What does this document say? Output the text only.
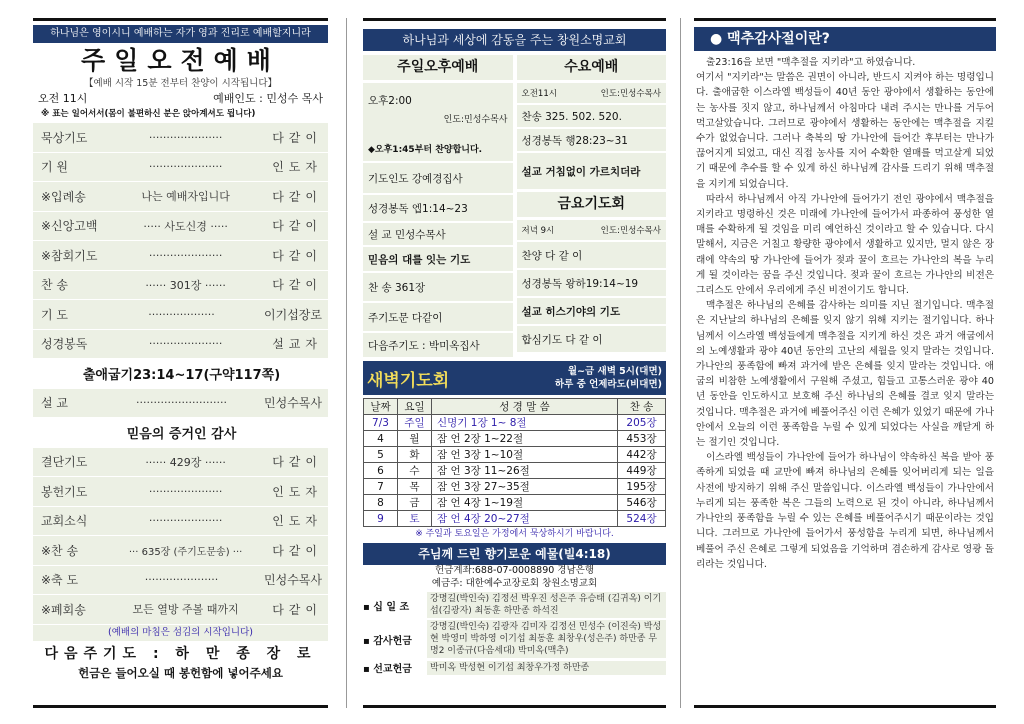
하나님은 영이시니 예배하는 자가 영과 진리로 예배할지니라
주일오전예배
【예배 시작 15분 전부터 찬양이 시작됩니다】
오전 11시	예배인도 : 민성수 목사
※ 표는 일어서서(몸이 불편하신 분은 앉아계셔도 됩니다)
묵상기도	·····················	다같이
기 원	·····················	인도자
※입례송	나는 예배자입니다	다같이
※신앙고백	····· 사도신경 ·····	다같이
※참회기도	·····················	다같이
찬 송	······ 301장 ······	다같이
기 도	···················	이기섭장로
성경봉독	·····················	설교자
출애굽기23:14~17(구약117쪽)
설 교	··························	민성수목사
믿음의 증거인 감사
결단기도	······ 429장 ······	다같이
봉헌기도	·····················	인도자
교회소식	·····················	인도자
※찬 송	··· 635장 (주기도문송) ···	다같이
※축 도	·····················	민성수목사
※폐회송	모든 열방 주볼 때까지	다같이
(예배의 마침은 섬김의 시작입니다)
다음주기도 : 하 만 종 장 로
헌금은 들어오실 때 봉헌함에 넣어주세요
하나님과 세상에 감동을 주는 창원소명교회
주일오후예배
오후2:00
인도:민성수목사
◆오후1:45부터 찬양합니다.
기도인도 강예경집사
성경봉독 엡1:14~23
설 교 민성수목사
믿음의 대를 잇는 기도
찬 송 361장
주기도문 다같이
다음주기도 : 박미옥집사
수요예배
오전11시	인도:민성수목사
찬송 325. 502. 520.
성경봉독 행28:23~31
설교 거침없이 가르치더라
금요기도회
저녁 9시	인도:민성수목사
찬양 다 같 이
성경봉독 왕하19:14~19
설교 히스기야의 기도
합심기도 다 같 이
새벽기도회	월~금 새벽 5시(대면)
하루 중 언제라도(비대면)
날짜	요일	성 경 말 씀	찬 송
7/3	주일	신명기 1장 1~ 8절	205장
4	월	잠 언 2장 1~22절	453장
5	화	잠 언 3장 1~10절	442장
6	수	잠 언 3장 11~26절	449장
7	목	잠 언 3장 27~35절	195장
8	금	잠 언 4장 1~19절	546장
9	토	잠 언 4장 20~27절	524장
※ 주일과 토요일은 가정에서 묵상하시기 바랍니다.
주님께 드린 향기로운 예물(빌4:18)
헌금계좌:688-07-0008890 경남은행
예금주: 대한예수교장로회 창원소명교회
▪ 십 일 조
강명길(박인숙) 김정선 박우진 성은주 유승태 (김귀옥) 이기섭(김광자) 최동훈 하만종 하석진
▪ 감사헌금
강명길(박인숙) 김광자 김미자 김정선 민성수 (이진숙) 박성현 박영미 박하영 이기섭 최동훈 최창우(성은주) 하만종 무명2 이종규(다음세대) 박미옥(맥추)
▪ 선교헌금	박미옥 박성현 이기섭 최창우가정 하만종
● 맥추감사절이란?

출23:16을 보면 "맥추절을 지키라"고 하였습니다.

여기서 "지키라"는 말씀은 권면이 아니라, 반드시 지켜야 하는 명령입니다. 출애굽한 이스라엘 백성들이 40년 동안 광야에서 생활하는 동안에는 농사를 짓지 않고, 하나님께서 아침마다 내려 주시는 만나를 거두어 먹고살았습니다. 그러므로 광야에서 생활하는 동안에는 맥추절을 지킬 수가 없었습니다. 그러나 축복의 땅 가나안에 들어간 후부터는 만나가 끊어지게 되었고, 대신 직접 농사를 지어 수확한 열매를 먹고살게 되었기 때문에 추수를 할 수 있게 하신 하나님께 감사를 드리기 위해 맥추절을 지키게 되었습니다.

따라서 하나님께서 아직 가나안에 들어가기 전인 광야에서 맥추절을 지키라고 명령하신 것은 미래에 가나안에 들어가서 파종하여 풍성한 열매를 수확하게 될 것임을 미리 예언하신 것이라고 할 수 있습니다. 다시 말해서, 지금은 거칠고 황량한 광야에서 생활하고 있지만, 멀지 않은 장래에 약속의 땅 가나안에 들어가 젖과 꿀이 흐르는 가나안의 복을 누리게 될 것이라는 꿈을 주신 것입니다. 젖과 꿀이 흐르는 가나안의 비전은 그리스도 안에서 우리에게 주신 비전이기도 합니다.

맥추절은 하나님의 은혜를 감사하는 의미를 지닌 절기입니다. 맥추절은 지난날의 하나님의 은혜를 잊지 않기 위해 지키는 절기입니다. 하나님께서 이스라엘 백성들에게 맥추절을 지키게 하신 것은 과거 애굽에서의 노예생활과 광야 40년 동안의 고난의 세월을 잊지 말라는 것입니다. 가나안의 풍족함에 빠져 과거에 받은 은혜를 잊지 말라는 것입니다. 애굽의 비참한 노예생활에서 구원해 주셨고, 힘들고 고통스러운 광야 40년 동안을 인도하시고 보호해 주신 하나님의 은혜를 결코 잊지 말라는 것입니다. 맥추절은 과거에 베풀어주신 이런 은혜가 있었기 때문에 가나안에서 오늘의 이런 풍족함을 누릴 수 있게 되었다는 사실을 깨닫게 하는 절기인 것입니다.

이스라엘 백성들이 가나안에 들어가 하나님이 약속하신 복을 받아 풍족하게 되었을 때 교만에 빠져 하나님의 은혜를 잊어버리게 되는 일을 사전에 방지하기 위해 주신 말씀입니다. 이스라엘 백성들이 가나안에서 누리게 되는 풍족한 복은 그들의 노력으로 된 것이 아니라, 하나님께서 가나안의 풍족함을 누릴 수 있는 은혜를 베풀어주시기 때문이라는 것입니다. 그러므로 가나안에 들어가서 풍성함을 누리게 되면, 하나님께서 베풀어 주신 은혜로 그렇게 되었음을 기억하며 겸손하게 감사로 영광 돌리라는 것입니다.
